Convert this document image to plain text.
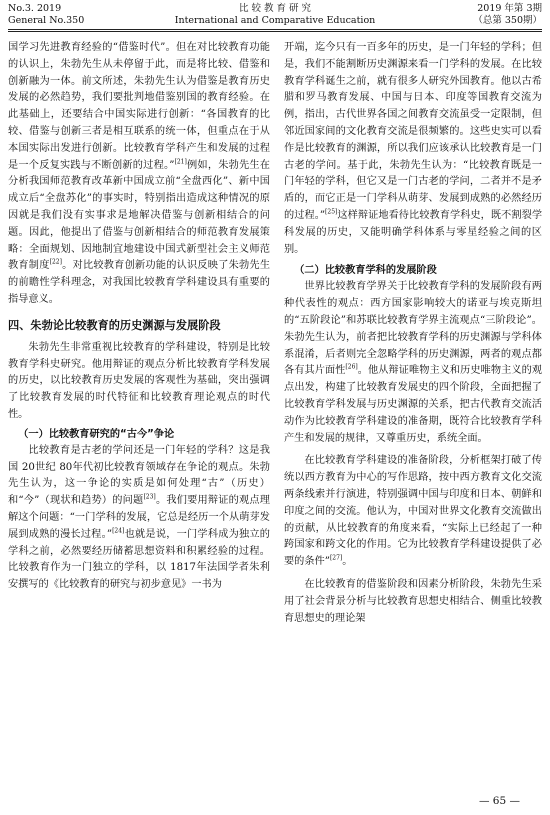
No.3. 2019	比 较 教 育 研 究	2019 年第 3期
General No.350	International and Comparative Education	（总第 350期）

国学习先进教育经验的“借鉴时代”。但在对比较教育功能的认识上，朱勃先生从未停留于此，而是将比较、借鉴和创新融为一体。前文所述，朱勃先生认为借鉴是教育历史发展的必然趋势，我们要批判地借鉴别国的教育经验。在此基础上，还要结合中国实际进行创新：“各国教育的比较、借鉴与创新三者是相互联系的统一体，但重点在于从本国实际出发进行创新。比较教育学科产生和发展的过程是一个反复实践与不断创新的过程。”[21]例如，朱勃先生在分析我国师范教育改革新中国成立前“全盘西化”、新中国成立后“全盘苏化”的事实时，特别指出造成这种情况的原因就是我们没有实事求是地解决借鉴与创新相结合的问题。因此，他提出了借鉴与创新相结合的师范教育发展策略：全面规划、因地制宜地建设中国式新型社会主义师范教育制度[22]。对比较教育创新功能的认识反映了朱勃先生的前瞻性学科理念，对我国比较教育学科建设具有重要的指导意义。

四、朱勃论比较教育的历史渊源与发展阶段

朱勃先生非常重视比较教育的学科建设，特别是比较教育学科史研究。他用辩证的观点分析比较教育学科发展的历史，以比较教育历史发展的客观性为基础，突出强调了比较教育发展的时代特征和比较教育理论观点的时代性。

（一）比较教育研究的“古今”争论

比较教育是古老的学问还是一门年轻的学科？这是我国 20世纪 80年代初比较教育领域存在争论的观点。朱勃先生认为，这一争论的实质是如何处理“古”（历史）和“今”（现状和趋势）的问题[23]。我们要用辩证的观点理解这个问题：“一门学科的发展，它总是经历一个从萌芽发展到成熟的漫长过程。”[24]也就是说，一门学科成为独立的学科之前，必然要经历储蓄思想资料和积累经验的过程。比较教育作为一门独立的学科，以 1817年法国学者朱利安撰写的《比较教育的研究与初步意见》一书为

开端，迄今只有一百多年的历史，是一门年轻的学科；但是，我们不能割断历史渊源来看一门学科的发展。在比较教育学科诞生之前，就有很多人研究外国教育。他以古希腊和罗马教育发展、中国与日本、印度等国教育交流为例，指出，古代世界各国之间教育交流虽受一定限制，但邻近国家间的文化教育交流是很频繁的。这些史实可以看作是比较教育的渊源，所以我们应该承认比较教育是一门古老的学问。基于此，朱勃先生认为：“比较教育既是一门年轻的学科，但它又是一门古老的学问，二者并不是矛盾的，而它正是一门学科从萌芽、发展到成熟的必然经历的过程。”[25]这样辩证地看待比较教育学科史，既不割裂学科发展的历史，又能明确学科体系与零星经验之间的区别。

（二）比较教育学科的发展阶段

世界比较教育学界关于比较教育学科的发展阶段有两种代表性的观点：西方国家影响较大的诺亚与埃克斯坦的“五阶段论”和苏联比较教育学界主流观点“三阶段论”。朱勃先生认为，前者把比较教育学科的历史渊源与学科体系混淆，后者则完全忽略学科的历史渊源，两者的观点都各有其片面性[26]。他从辩证唯物主义和历史唯物主义的观点出发，构建了比较教育发展史的四个阶段，全面把握了比较教育学科发展与历史渊源的关系，把古代教育交流活动作为比较教育学科建设的准备期，既符合比较教育学科产生和发展的规律，又尊重历史，系统全面。

在比较教育学科建设的准备阶段，分析框架打破了传统以西方教育为中心的写作思路，按中西方教育文化交流两条线索并行演进，特别强调中国与印度和日本、朝鲜和印度之间的交流。他认为，中国对世界文化教育交流做出的贡献，从比较教育的角度来看，“实际上已经起了一种跨国家和跨文化的作用。它为比较教育学科建设提供了必要的条件”[27]。

在比较教育的借鉴阶段和因素分析阶段，朱勃先生采用了社会背景分析与比较教育思想史相结合、侧重比较教育思想史的理论架

— 65 —
